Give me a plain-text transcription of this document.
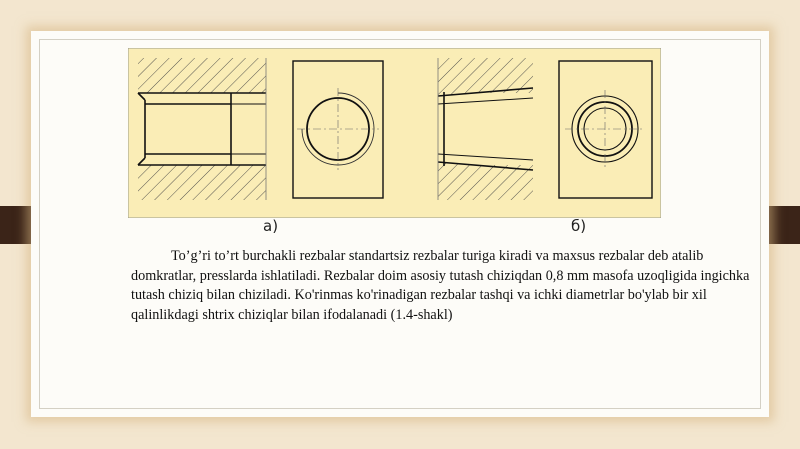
а)	б)

To’g’ri to’rt burchakli rezbalar standartsiz rezbalar turiga kiradi va maxsus rezbalar deb atalib domkratlar, presslarda ishlatiladi. Rezbalar doim asosiy tutash chiziqdan 0,8 mm masofa uzoqligida ingichka tutash chiziq bilan chiziladi. Ko'rinmas ko'rinadigan rezbalar tashqi va ichki diametrlar bo'ylab bir xil qalinlikdagi shtrix chiziqlar bilan ifodalanadi (1.4-shakl)
